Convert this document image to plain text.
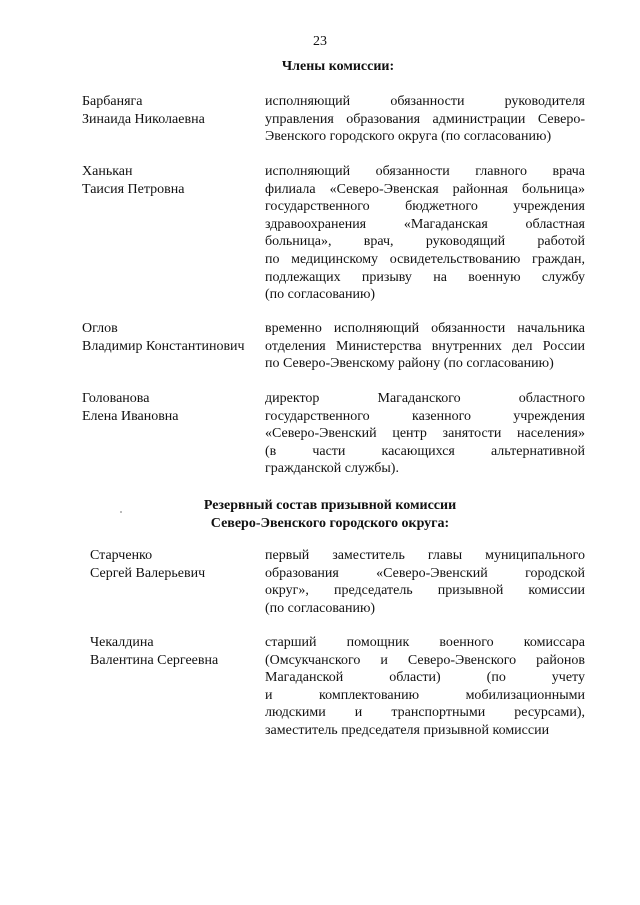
23
Члены комиссии:
Барбаняга
Зинаида Николаевна
исполняющий обязанности руководителя
управления образования администрации Северо-
Эвенского городского округа (по согласованию)
Ханькан
Таисия Петровна
исполняющий обязанности главного врача
филиала «Северо-Эвенская районная больница»
государственного бюджетного учреждения
здравоохранения «Магаданская областная
больница», врач, руководящий работой
по медицинскому освидетельствованию граждан,
подлежащих призыву на военную службу
(по согласованию)
Оглов
Владимир Константинович
временно исполняющий обязанности начальника
отделения Министерства внутренних дел России
по Северо-Эвенскому району (по согласованию)
Голованова
Елена Ивановна
директор Магаданского областного
государственного казенного учреждения
«Северо-Эвенский центр занятости населения»
(в части касающихся альтернативной
гражданской службы).
Резервный состав призывной комиссии
Северо-Эвенского городского округа:
Старченко
Сергей Валерьевич
первый заместитель главы муниципального
образования «Северо-Эвенский городской
округ», председатель призывной комиссии
(по согласованию)
Чекалдина
Валентина Сергеевна
старший помощник военного комиссара
(Омсукчанского и Северо-Эвенского районов
Магаданской области) (по учету
и комплектованию мобилизационными
людскими и транспортными ресурсами),
заместитель председателя призывной комиссии
